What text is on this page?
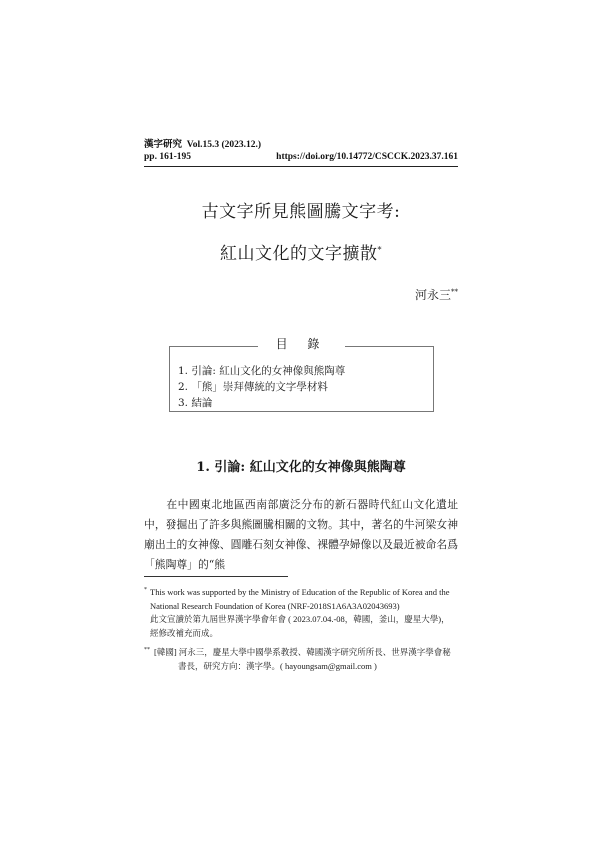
漢字研究 Vol.15.3 (2023.12.)
pp. 161-195	https://doi.org/10.14772/CSCCK.2023.37.161
古文字所見熊圖騰文字考:
紅山文化的文字擴散*
河永三**
目 錄
1. 引論: 紅山文化的女神像與熊陶尊
2. 「熊」崇拜傳統的文字學材料
3. 結論
1. 引論: 紅山文化的女神像與熊陶尊
在中國東北地區西南部廣泛分布的新石器時代紅山文化遺址中，發掘出了許多與熊圖騰相關的文物。其中，著名的牛河梁女神廟出土的女神像、圓雕石刻女神像、裸體孕婦像以及最近被命名爲「熊陶尊」的“熊
* This work was supported by the Ministry of Education of the Republic of Korea and the
National Research Foundation of Korea (NRF-2018S1A6A3A02043693)
此文宣讀於第九屆世界漢字學會年會 ( 2023.07.04.-08，韓國，釜山，慶星大學)，
經修改補充而成。
** [韓國] 河永三，慶星大學中國學系教授、韓國漢字研究所所長、世界漢字學會秘
書長，研究方向：漢字學。( hayoungsam@gmail.com )
